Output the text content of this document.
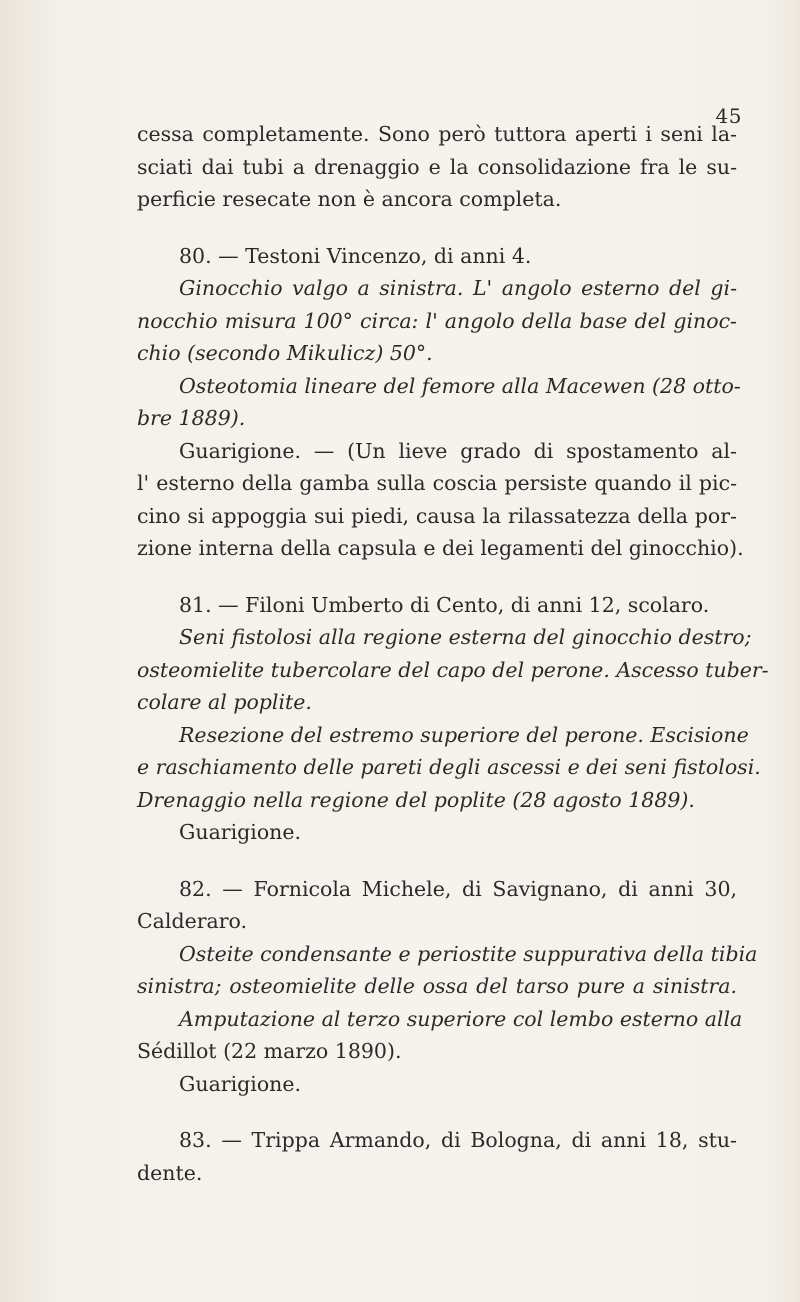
45
cessa completamente. Sono però tuttora aperti i seni la-
sciati dai tubi a drenaggio e la consolidazione fra le su-
perficie resecate non è ancora completa.
80. — Testoni Vincenzo, di anni 4.
Ginocchio valgo a sinistra. L' angolo esterno del gi-
nocchio misura 100° circa: l' angolo della base del ginoc-
chio (secondo Mikulicz) 50°.
Osteotomia lineare del femore alla Macewen (28 otto-
bre 1889).
Guarigione. — (Un lieve grado di spostamento al-
l' esterno della gamba sulla coscia persiste quando il pic-
cino si appoggia sui piedi, causa la rilassatezza della por-
zione interna della capsula e dei legamenti del ginocchio).
81. — Filoni Umberto di Cento, di anni 12, scolaro.
Seni fistolosi alla regione esterna del ginocchio destro;
osteomielite tubercolare del capo del perone. Ascesso tuber-
colare al poplite.
Resezione del estremo superiore del perone. Escisione
e raschiamento delle pareti degli ascessi e dei seni fistolosi.
Drenaggio nella regione del poplite (28 agosto 1889).
Guarigione.
82. — Fornicola Michele, di Savignano, di anni 30,
Calderaro.
Osteite condensante e periostite suppurativa della tibia
sinistra; osteomielite delle ossa del tarso pure a sinistra.
Amputazione al terzo superiore col lembo esterno alla
Sédillot (22 marzo 1890).
Guarigione.
83. — Trippa Armando, di Bologna, di anni 18, stu-
dente.
